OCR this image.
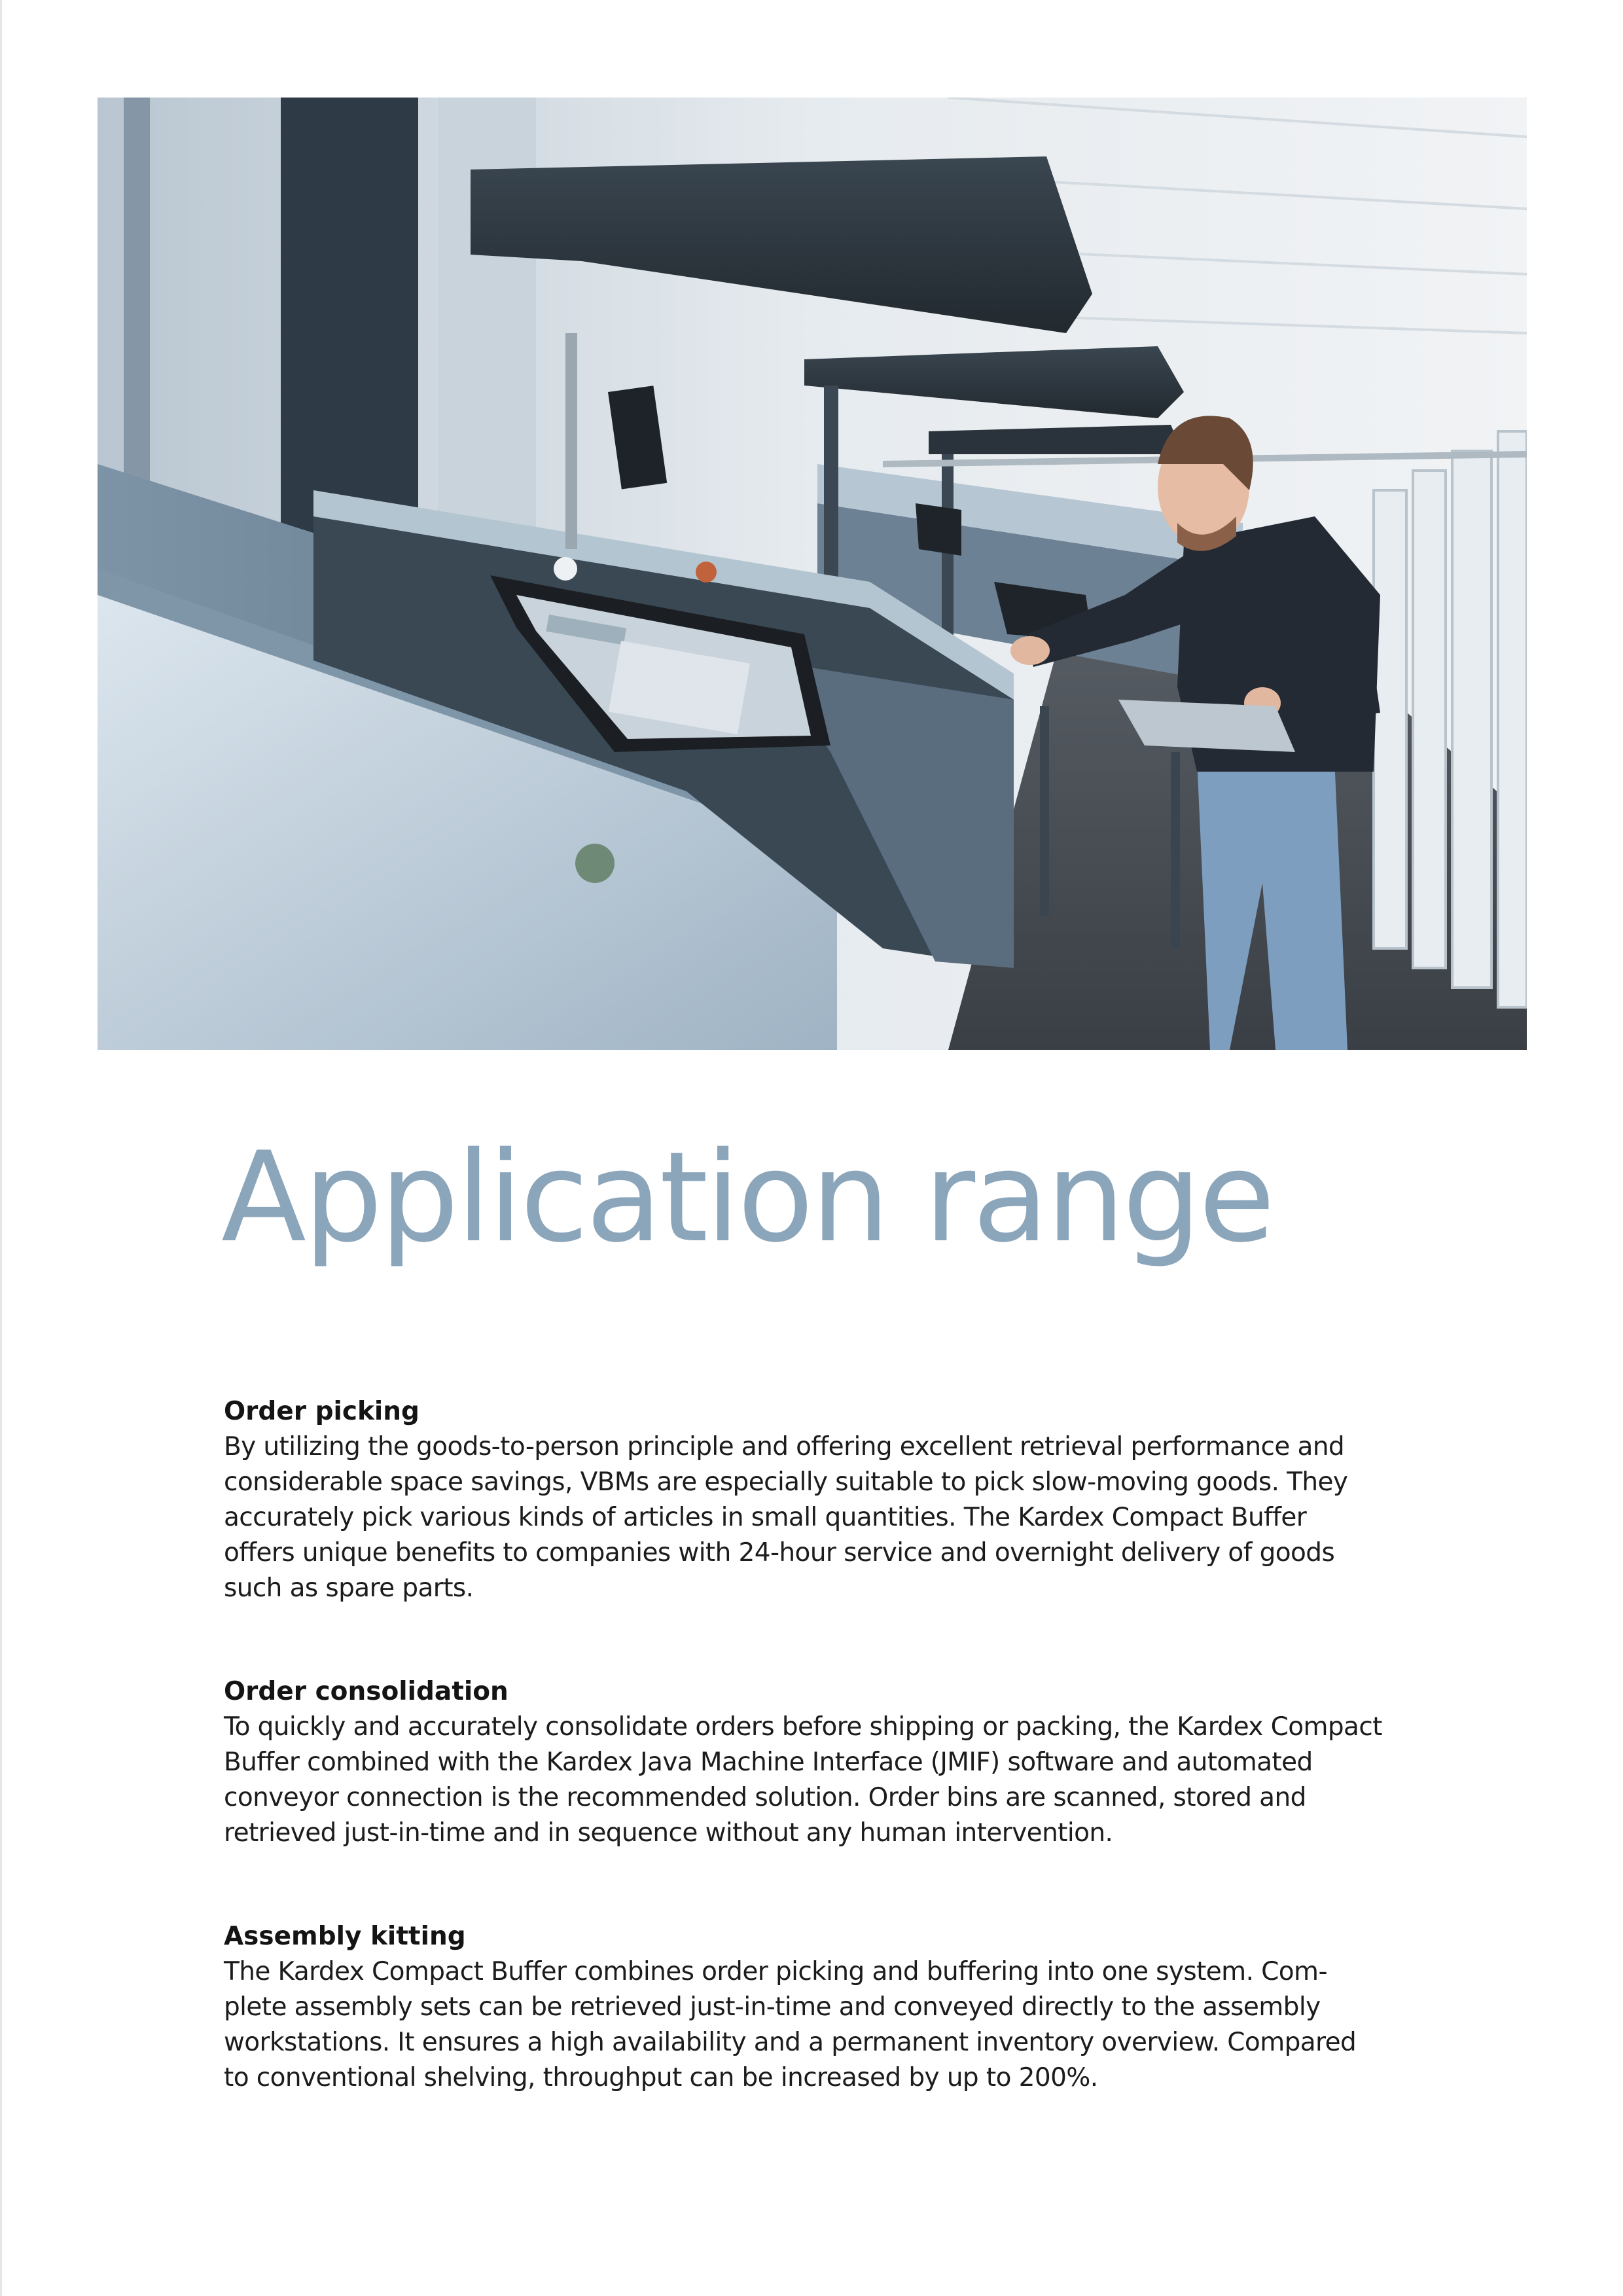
Application range
Order picking

By utilizing the goods-to-person principle and offering excellent retrieval performance and
considerable space savings, VBMs are especially suitable to pick slow-moving goods. They
accurately pick various kinds of articles in small quantities. The Kardex Compact Buffer
offers unique benefits to companies with 24-hour service and overnight delivery of goods
such as spare parts.

Order consolidation

To quickly and accurately consolidate orders before shipping or packing, the Kardex Compact
Buffer combined with the Kardex Java Machine Interface (JMIF) software and automated
conveyor connection is the recommended solution. Order bins are scanned, stored and
retrieved just-in-time and in sequence without any human intervention.

Assembly kitting

The Kardex Compact Buffer combines order picking and buffering into one system. Com-
plete assembly sets can be retrieved just-in-time and conveyed directly to the assembly
workstations. It ensures a high availability and a permanent inventory overview. Compared
to conventional shelving, throughput can be increased by up to 200%.
